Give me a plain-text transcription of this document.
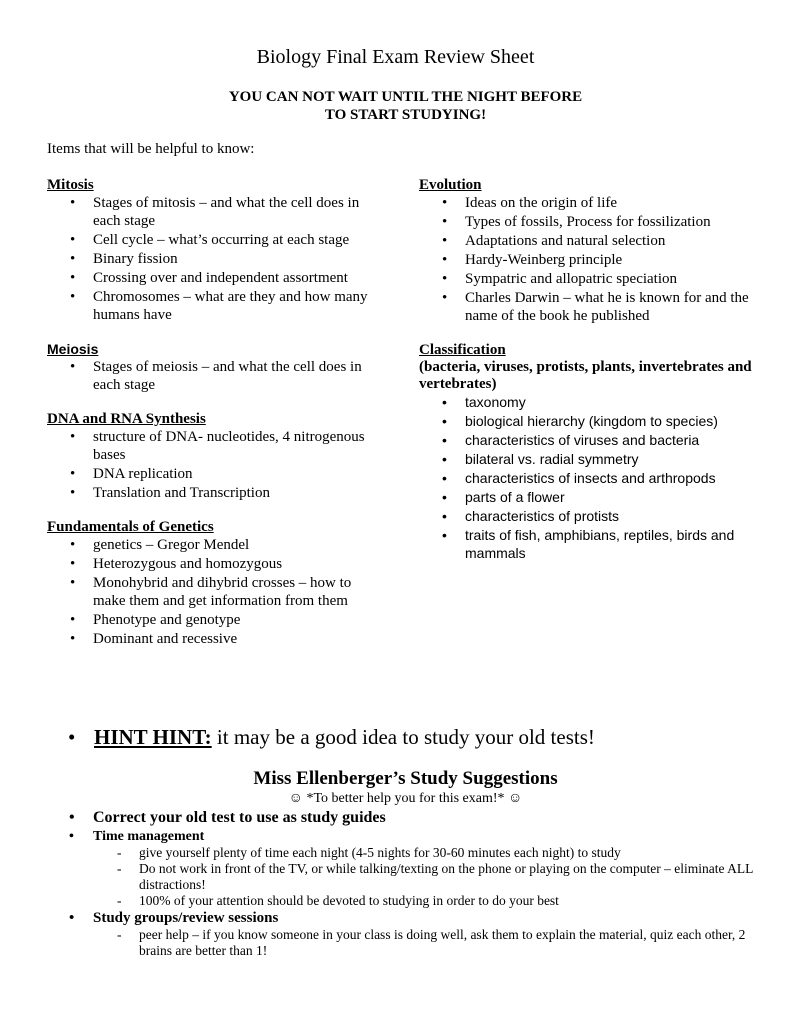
Biology Final Exam Review Sheet
YOU CAN NOT WAIT UNTIL THE NIGHT BEFORE
TO START STUDYING!
Items that will be helpful to know:
Mitosis
• Stages of mitosis – and what the cell does in each stage
• Cell cycle – what’s occurring at each stage
• Binary fission
• Crossing over and independent assortment
• Chromosomes – what are they and how many humans have
Meiosis
• Stages of meiosis – and what the cell does in each stage
DNA and RNA Synthesis
• structure of DNA- nucleotides, 4 nitrogenous bases
• DNA replication
• Translation and Transcription
Fundamentals of Genetics
• genetics – Gregor Mendel
• Heterozygous and homozygous
• Monohybrid and dihybrid crosses – how to make them and get information from them
• Phenotype and genotype
• Dominant and recessive
Evolution
• Ideas on the origin of life
• Types of fossils, Process for fossilization
• Adaptations and natural selection
• Hardy-Weinberg principle
• Sympatric and allopatric speciation
• Charles Darwin – what he is known for and the name of the book he published
Classification
(bacteria, viruses, protists, plants, invertebrates and vertebrates)
• taxonomy
• biological hierarchy (kingdom to species)
• characteristics of viruses and bacteria
• bilateral vs. radial symmetry
• characteristics of insects and arthropods
• parts of a flower
• characteristics of protists
• traits of fish, amphibians, reptiles, birds and mammals
• HINT HINT: it may be a good idea to study your old tests!
Miss Ellenberger’s Study Suggestions
☺ *To better help you for this exam!* ☺
• Correct your old test to use as study guides
• Time management
- give yourself plenty of time each night (4-5 nights for 30-60 minutes each night) to study
- Do not work in front of the TV, or while talking/texting on the phone or playing on the computer – eliminate ALL distractions!
- 100% of your attention should be devoted to studying in order to do your best
• Study groups/review sessions
- peer help – if you know someone in your class is doing well, ask them to explain the material, quiz each other, 2 brains are better than 1!
